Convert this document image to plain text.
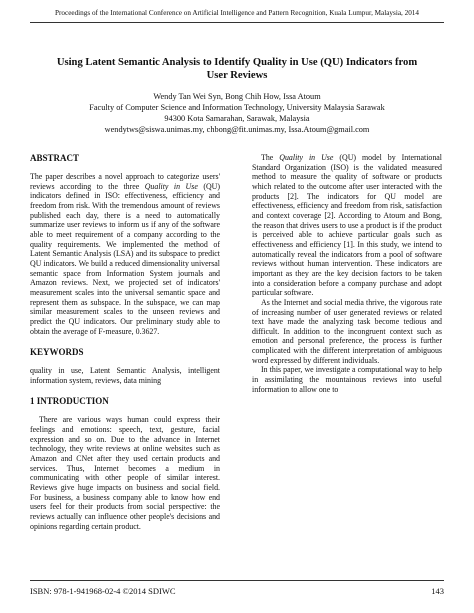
Proceedings of the International Conference on Artificial Intelligence and Pattern Recognition, Kuala Lumpur, Malaysia, 2014
Using Latent Semantic Analysis to Identify Quality in Use (QU) Indicators from
User Reviews
Wendy Tan Wei Syn, Bong Chih How, Issa Atoum
Faculty of Computer Science and Information Technology, University Malaysia Sarawak
94300 Kota Samarahan, Sarawak, Malaysia
wendytws@siswa.unimas.my, chbong@fit.unimas.my, Issa.Atoum@gmail.com
ABSTRACT

The paper describes a novel approach to categorize users' reviews according to the three Quality in Use (QU) indicators defined in ISO: effectiveness, efficiency and freedom from risk. With the tremendous amount of reviews published each day, there is a need to automatically summarize user reviews to inform us if any of the software able to meet requirement of a company according to the quality requirements. We implemented the method of Latent Semantic Analysis (LSA) and its subspace to predict QU indicators. We build a reduced dimensionality universal semantic space from Information System journals and Amazon reviews. Next, we projected set of indicators' measurement scales into the universal semantic space and represent them as subspace. In the subspace, we can map similar measurement scales to the unseen reviews and predict the QU indicators. Our preliminary study able to obtain the average of F-measure, 0.3627.

KEYWORDS

quality in use, Latent Semantic Analysis, intelligent information system, reviews, data mining

1 INTRODUCTION

There are various ways human could express their feelings and emotions: speech, text, gesture, facial expression and so on. Due to the advance in Internet technology, they write reviews at online websites such as Amazon and CNet after they used certain products and services. Thus, Internet becomes a medium in communicating with other people of similar interest. Reviews give huge impacts on business and social field. For business, a business company able to know how end users feel for their products from social perspective: the reviews actually can influence other people's decisions and opinions regarding certain product.

The Quality in Use (QU) model by International Standard Organization (ISO) is the validated measured method to measure the quality of software or products which related to the outcome after user interacted with the products [2]. The indicators for QU model are effectiveness, efficiency and freedom from risk, satisfaction and context coverage [2]. According to Atoum and Bong, the reason that drives users to use a product is if the product is perceived able to achieve particular goals such as effectiveness and efficiency [1]. In this study, we intend to automatically reveal the indicators from a pool of software reviews without human intervention. These indicators are important as they are the key decision factors to be taken into a consideration before a company purchase and adopt particular software.

As the Internet and social media thrive, the vigorous rate of increasing number of user generated reviews or related text have made the analyzing task become tedious and difficult. In addition to the incongruent context such as emotion and personal preference, the process is further complicated with the different interpretation of ambiguous word expressed by different individuals.

In this paper, we investigate a computational way to help in assimilating the mountainous reviews into useful information to allow one to

ISBN: 978-1-941968-02-4 ©2014 SDIWC	143
